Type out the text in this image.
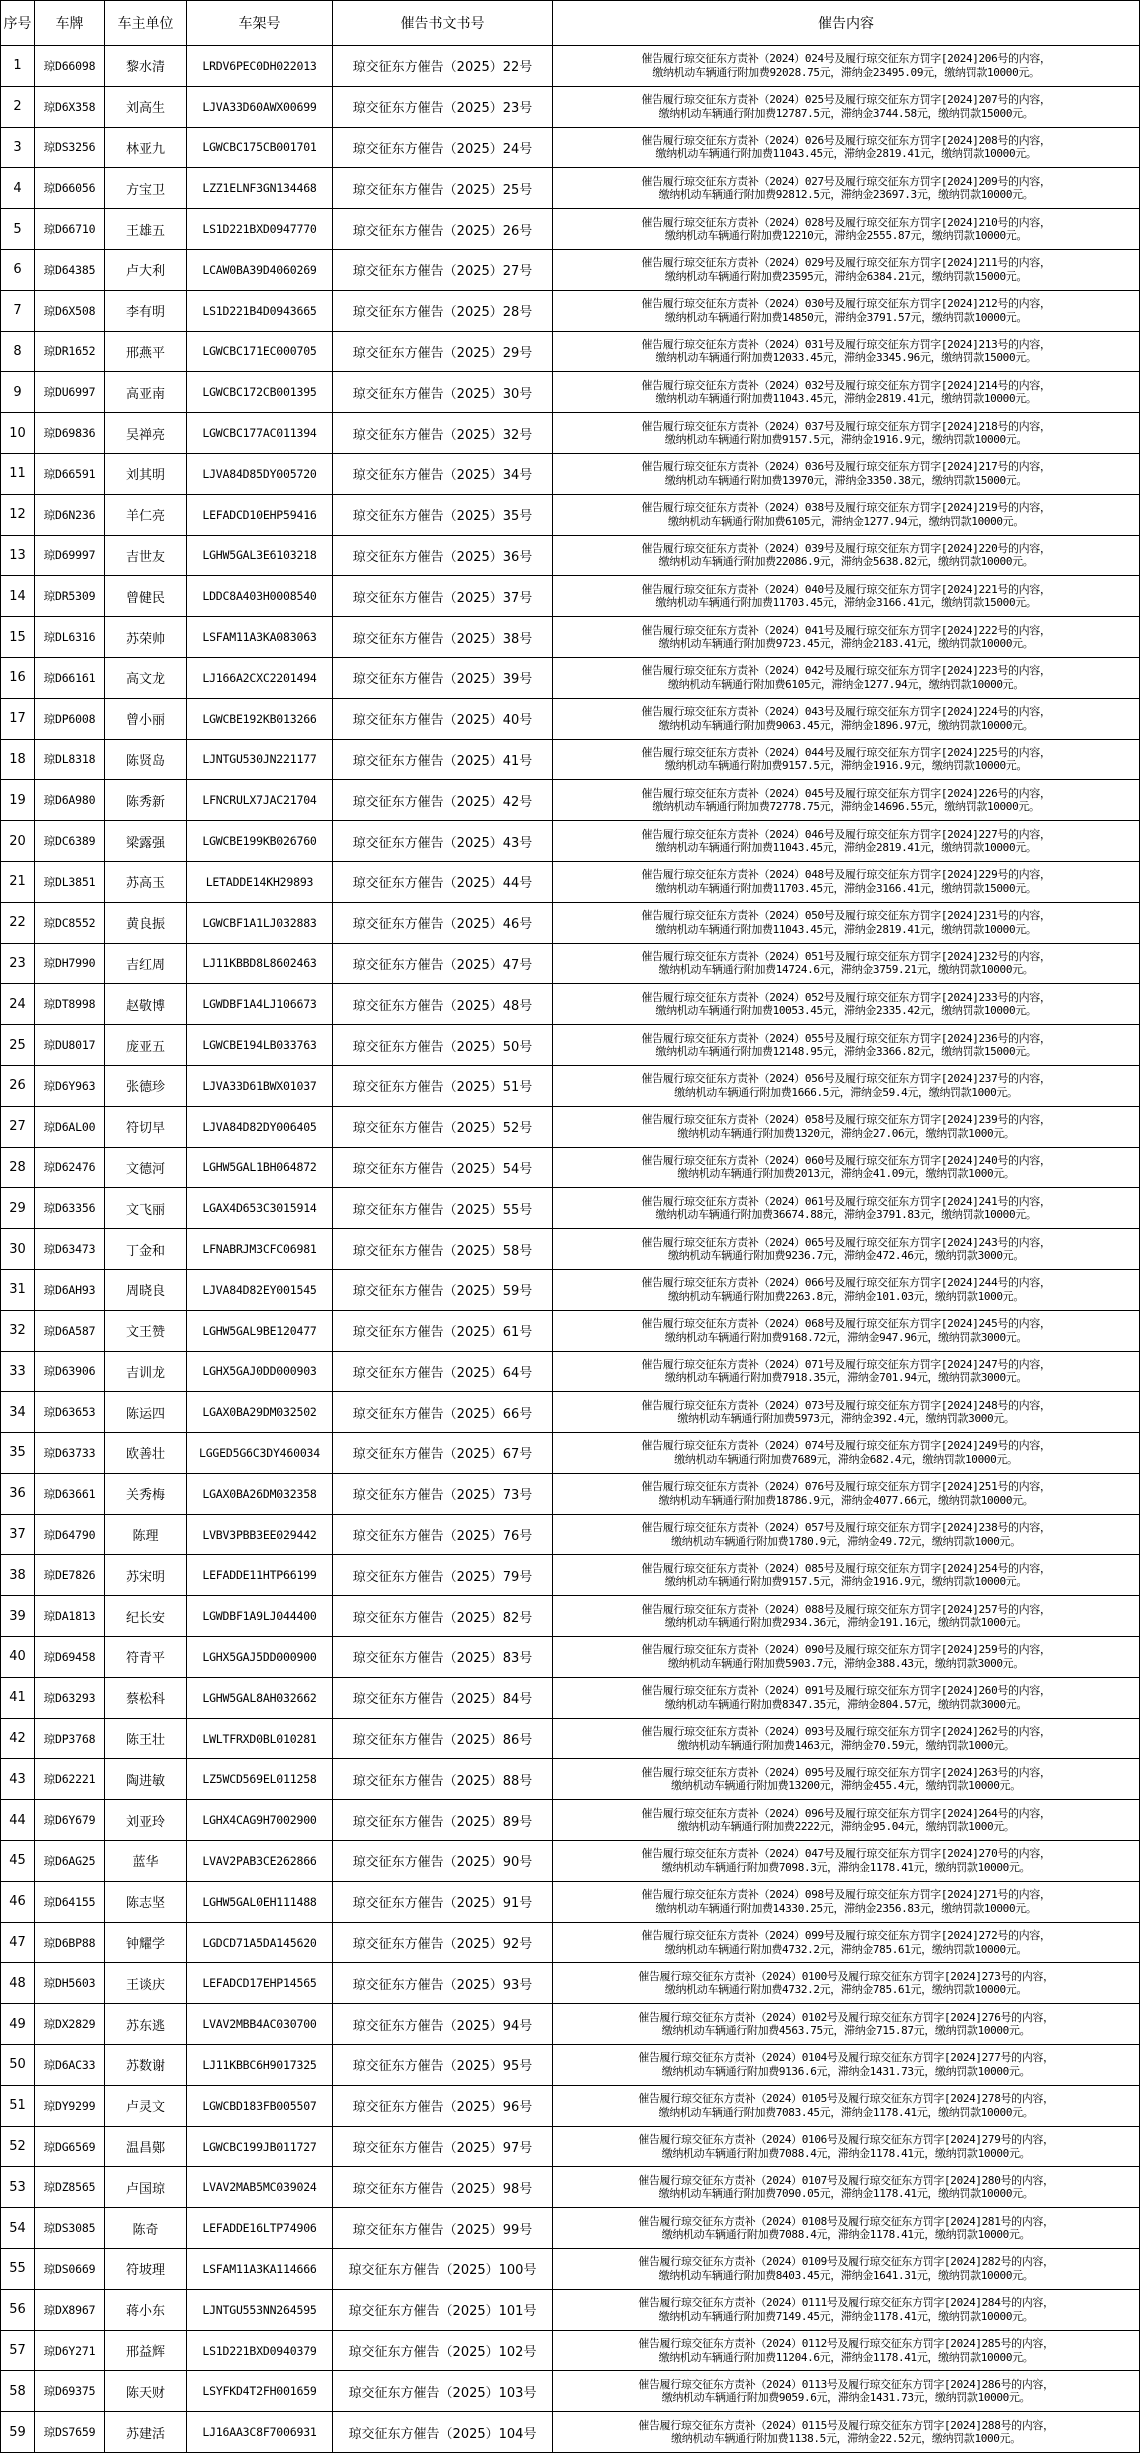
序号	车牌	车主单位	车架号	催告书文书号	催告内容
1	琼D66098	黎水清	LRDV6PEC0DH022013	琼交征东方催告（2025）22号	催告履行琼交征东方责补（2024）024号及履行琼交征东方罚字[2024]206号的内容，
缴纳机动车辆通行附加费92028.75元，滞纳金23495.09元，缴纳罚款10000元。

2	琼D6X358	刘高生	LJVA33D60AWX00699	琼交征东方催告（2025）23号	催告履行琼交征东方责补（2024）025号及履行琼交征东方罚字[2024]207号的内容，
缴纳机动车辆通行附加费12787.5元，滞纳金3744.58元，缴纳罚款15000元。

3	琼DS3256	林亚九	LGWCBC175CB001701	琼交征东方催告（2025）24号	催告履行琼交征东方责补（2024）026号及履行琼交征东方罚字[2024]208号的内容，
缴纳机动车辆通行附加费11043.45元，滞纳金2819.41元，缴纳罚款10000元。

4	琼D66056	方宝卫	LZZ1ELNF3GN134468	琼交征东方催告（2025）25号	催告履行琼交征东方责补（2024）027号及履行琼交征东方罚字[2024]209号的内容，
缴纳机动车辆通行附加费92812.5元，滞纳金23697.3元，缴纳罚款10000元。

5	琼D66710	王雄五	LS1D221BXD0947770	琼交征东方催告（2025）26号	催告履行琼交征东方责补（2024）028号及履行琼交征东方罚字[2024]210号的内容，
缴纳机动车辆通行附加费12210元，滞纳金2555.87元，缴纳罚款10000元。

6	琼D64385	卢大利	LCAW0BA39D4060269	琼交征东方催告（2025）27号	催告履行琼交征东方责补（2024）029号及履行琼交征东方罚字[2024]211号的内容，
缴纳机动车辆通行附加费23595元，滞纳金6384.21元，缴纳罚款15000元。

7	琼D6X508	李有明	LS1D221B4D0943665	琼交征东方催告（2025）28号	催告履行琼交征东方责补（2024）030号及履行琼交征东方罚字[2024]212号的内容，
缴纳机动车辆通行附加费14850元，滞纳金3791.57元，缴纳罚款10000元。

8	琼DR1652	邢燕平	LGWCBC171EC000705	琼交征东方催告（2025）29号	催告履行琼交征东方责补（2024）031号及履行琼交征东方罚字[2024]213号的内容，
缴纳机动车辆通行附加费12033.45元，滞纳金3345.96元，缴纳罚款15000元。

9	琼DU6997	高亚南	LGWCBC172CB001395	琼交征东方催告（2025）30号	催告履行琼交征东方责补（2024）032号及履行琼交征东方罚字[2024]214号的内容，
缴纳机动车辆通行附加费11043.45元，滞纳金2819.41元，缴纳罚款10000元。

10	琼D69836	吴禅亮	LGWCBC177AC011394	琼交征东方催告（2025）32号	催告履行琼交征东方责补（2024）037号及履行琼交征东方罚字[2024]218号的内容，
缴纳机动车辆通行附加费9157.5元，滞纳金1916.9元，缴纳罚款10000元。

11	琼D66591	刘其明	LJVA84D85DY005720	琼交征东方催告（2025）34号	催告履行琼交征东方责补（2024）036号及履行琼交征东方罚字[2024]217号的内容，
缴纳机动车辆通行附加费13970元，滞纳金3350.38元，缴纳罚款15000元。

12	琼D6N236	羊仁亮	LEFADCD10EHP59416	琼交征东方催告（2025）35号	催告履行琼交征东方责补（2024）038号及履行琼交征东方罚字[2024]219号的内容，
缴纳机动车辆通行附加费6105元，滞纳金1277.94元，缴纳罚款10000元。

13	琼D69997	吉世友	LGHW5GAL3E6103218	琼交征东方催告（2025）36号	催告履行琼交征东方责补（2024）039号及履行琼交征东方罚字[2024]220号的内容，
缴纳机动车辆通行附加费22086.9元，滞纳金5638.82元，缴纳罚款10000元。

14	琼DR5309	曾健民	LDDC8A403H0008540	琼交征东方催告（2025）37号	催告履行琼交征东方责补（2024）040号及履行琼交征东方罚字[2024]221号的内容，
缴纳机动车辆通行附加费11703.45元，滞纳金3166.41元，缴纳罚款15000元。

15	琼DL6316	苏荣帅	LSFAM11A3KA083063	琼交征东方催告（2025）38号	催告履行琼交征东方责补（2024）041号及履行琼交征东方罚字[2024]222号的内容，
缴纳机动车辆通行附加费9723.45元，滞纳金2183.41元，缴纳罚款10000元。

16	琼D66161	高文龙	LJ166A2CXC2201494	琼交征东方催告（2025）39号	催告履行琼交征东方责补（2024）042号及履行琼交征东方罚字[2024]223号的内容，
缴纳机动车辆通行附加费6105元，滞纳金1277.94元，缴纳罚款10000元。

17	琼DP6008	曾小丽	LGWCBE192KB013266	琼交征东方催告（2025）40号	催告履行琼交征东方责补（2024）043号及履行琼交征东方罚字[2024]224号的内容，
缴纳机动车辆通行附加费9063.45元，滞纳金1896.97元，缴纳罚款10000元。

18	琼DL8318	陈贤岛	LJNTGU530JN221177	琼交征东方催告（2025）41号	催告履行琼交征东方责补（2024）044号及履行琼交征东方罚字[2024]225号的内容，
缴纳机动车辆通行附加费9157.5元，滞纳金1916.9元，缴纳罚款10000元。

19	琼D6A980	陈秀新	LFNCRULX7JAC21704	琼交征东方催告（2025）42号	催告履行琼交征东方责补（2024）045号及履行琼交征东方罚字[2024]226号的内容，
缴纳机动车辆通行附加费72778.75元，滞纳金14696.55元，缴纳罚款10000元。

20	琼DC6389	梁露强	LGWCBE199KB026760	琼交征东方催告（2025）43号	催告履行琼交征东方责补（2024）046号及履行琼交征东方罚字[2024]227号的内容，
缴纳机动车辆通行附加费11043.45元，滞纳金2819.41元，缴纳罚款10000元。

21	琼DL3851	苏高玉	LETADDE14KH29893	琼交征东方催告（2025）44号	催告履行琼交征东方责补（2024）048号及履行琼交征东方罚字[2024]229号的内容，
缴纳机动车辆通行附加费11703.45元，滞纳金3166.41元，缴纳罚款15000元。

22	琼DC8552	黄良振	LGWCBF1A1LJ032883	琼交征东方催告（2025）46号	催告履行琼交征东方责补（2024）050号及履行琼交征东方罚字[2024]231号的内容，
缴纳机动车辆通行附加费11043.45元，滞纳金2819.41元，缴纳罚款10000元。

23	琼DH7990	吉红周	LJ11KBBD8L8602463	琼交征东方催告（2025）47号	催告履行琼交征东方责补（2024）051号及履行琼交征东方罚字[2024]232号的内容，
缴纳机动车辆通行附加费14724.6元，滞纳金3759.21元，缴纳罚款10000元。

24	琼DT8998	赵敬博	LGWDBF1A4LJ106673	琼交征东方催告（2025）48号	催告履行琼交征东方责补（2024）052号及履行琼交征东方罚字[2024]233号的内容，
缴纳机动车辆通行附加费10053.45元，滞纳金2335.42元，缴纳罚款10000元。

25	琼DU8017	庞亚五	LGWCBE194LB033763	琼交征东方催告（2025）50号	催告履行琼交征东方责补（2024）055号及履行琼交征东方罚字[2024]236号的内容，
缴纳机动车辆通行附加费12148.95元，滞纳金3366.82元，缴纳罚款15000元。

26	琼D6Y963	张德珍	LJVA33D61BWX01037	琼交征东方催告（2025）51号	催告履行琼交征东方责补（2024）056号及履行琼交征东方罚字[2024]237号的内容，
缴纳机动车辆通行附加费1666.5元，滞纳金59.4元，缴纳罚款1000元。

27	琼D6AL00	符切早	LJVA84D82DY006405	琼交征东方催告（2025）52号	催告履行琼交征东方责补（2024）058号及履行琼交征东方罚字[2024]239号的内容，
缴纳机动车辆通行附加费1320元，滞纳金27.06元，缴纳罚款1000元。

28	琼D62476	文德河	LGHW5GAL1BH064872	琼交征东方催告（2025）54号	催告履行琼交征东方责补（2024）060号及履行琼交征东方罚字[2024]240号的内容，
缴纳机动车辆通行附加费2013元，滞纳金41.09元，缴纳罚款1000元。

29	琼D63356	文飞丽	LGAX4D653C3015914	琼交征东方催告（2025）55号	催告履行琼交征东方责补（2024）061号及履行琼交征东方罚字[2024]241号的内容，
缴纳机动车辆通行附加费36674.88元，滞纳金3791.83元，缴纳罚款10000元。

30	琼D63473	丁金和	LFNABRJM3CFC06981	琼交征东方催告（2025）58号	催告履行琼交征东方责补（2024）065号及履行琼交征东方罚字[2024]243号的内容，
缴纳机动车辆通行附加费9236.7元，滞纳金472.46元，缴纳罚款3000元。

31	琼D6AH93	周晓良	LJVA84D82EY001545	琼交征东方催告（2025）59号	催告履行琼交征东方责补（2024）066号及履行琼交征东方罚字[2024]244号的内容，
缴纳机动车辆通行附加费2263.8元，滞纳金101.03元，缴纳罚款1000元。

32	琼D6A587	文王赞	LGHW5GAL9BE120477	琼交征东方催告（2025）61号	催告履行琼交征东方责补（2024）068号及履行琼交征东方罚字[2024]245号的内容，
缴纳机动车辆通行附加费9168.72元，滞纳金947.96元，缴纳罚款3000元。

33	琼D63906	吉训龙	LGHX5GAJ0DD000903	琼交征东方催告（2025）64号	催告履行琼交征东方责补（2024）071号及履行琼交征东方罚字[2024]247号的内容，
缴纳机动车辆通行附加费7918.35元，滞纳金701.94元，缴纳罚款3000元。

34	琼D63653	陈运四	LGAX0BA29DM032502	琼交征东方催告（2025）66号	催告履行琼交征东方责补（2024）073号及履行琼交征东方罚字[2024]248号的内容，
缴纳机动车辆通行附加费5973元，滞纳金392.4元，缴纳罚款3000元。

35	琼D63733	欧善壮	LGGED5G6C3DY460034	琼交征东方催告（2025）67号	催告履行琼交征东方责补（2024）074号及履行琼交征东方罚字[2024]249号的内容，
缴纳机动车辆通行附加费7689元，滞纳金682.4元，缴纳罚款10000元。

36	琼D63661	关秀梅	LGAX0BA26DM032358	琼交征东方催告（2025）73号	催告履行琼交征东方责补（2024）076号及履行琼交征东方罚字[2024]251号的内容，
缴纳机动车辆通行附加费18786.9元，滞纳金4077.66元，缴纳罚款10000元。

37	琼D64790	陈理	LVBV3PBB3EE029442	琼交征东方催告（2025）76号	催告履行琼交征东方责补（2024）057号及履行琼交征东方罚字[2024]238号的内容，
缴纳机动车辆通行附加费1780.9元，滞纳金49.72元，缴纳罚款1000元。

38	琼DE7826	苏宋明	LEFADDE11HTP66199	琼交征东方催告（2025）79号	催告履行琼交征东方责补（2024）085号及履行琼交征东方罚字[2024]254号的内容，
缴纳机动车辆通行附加费9157.5元，滞纳金1916.9元，缴纳罚款10000元。

39	琼DA1813	纪长安	LGWDBF1A9LJ044400	琼交征东方催告（2025）82号	催告履行琼交征东方责补（2024）088号及履行琼交征东方罚字[2024]257号的内容，
缴纳机动车辆通行附加费2934.36元，滞纳金191.16元，缴纳罚款1000元。

40	琼D69458	符青平	LGHX5GAJ5DD000900	琼交征东方催告（2025）83号	催告履行琼交征东方责补（2024）090号及履行琼交征东方罚字[2024]259号的内容，
缴纳机动车辆通行附加费5903.7元，滞纳金388.43元，缴纳罚款3000元。

41	琼D63293	蔡松科	LGHW5GAL8AH032662	琼交征东方催告（2025）84号	催告履行琼交征东方责补（2024）091号及履行琼交征东方罚字[2024]260号的内容，
缴纳机动车辆通行附加费8347.35元，滞纳金804.57元，缴纳罚款3000元。

42	琼DP3768	陈王壮	LWLTFRXD0BL010281	琼交征东方催告（2025）86号	催告履行琼交征东方责补（2024）093号及履行琼交征东方罚字[2024]262号的内容，
缴纳机动车辆通行附加费1463元，滞纳金70.59元，缴纳罚款1000元。

43	琼D62221	陶进敏	LZ5WCD569EL011258	琼交征东方催告（2025）88号	催告履行琼交征东方责补（2024）095号及履行琼交征东方罚字[2024]263号的内容，
缴纳机动车辆通行附加费13200元，滞纳金455.4元，缴纳罚款10000元。

44	琼D6Y679	刘亚玲	LGHX4CAG9H7002900	琼交征东方催告（2025）89号	催告履行琼交征东方责补（2024）096号及履行琼交征东方罚字[2024]264号的内容，
缴纳机动车辆通行附加费2222元，滞纳金95.04元，缴纳罚款1000元。

45	琼D6AG25	蓝华	LVAV2PAB3CE262866	琼交征东方催告（2025）90号	催告履行琼交征东方责补（2024）047号及履行琼交征东方罚字[2024]270号的内容，
缴纳机动车辆通行附加费7098.3元，滞纳金1178.41元，缴纳罚款10000元。

46	琼D64155	陈志坚	LGHW5GAL0EH111488	琼交征东方催告（2025）91号	催告履行琼交征东方责补（2024）098号及履行琼交征东方罚字[2024]271号的内容，
缴纳机动车辆通行附加费14330.25元，滞纳金2356.83元，缴纳罚款10000元。

47	琼D6BP88	钟耀学	LGDCD71A5DA145620	琼交征东方催告（2025）92号	催告履行琼交征东方责补（2024）099号及履行琼交征东方罚字[2024]272号的内容，
缴纳机动车辆通行附加费4732.2元，滞纳金785.61元，缴纳罚款10000元。

48	琼DH5603	王谈庆	LEFADCD17EHP14565	琼交征东方催告（2025）93号	催告履行琼交征东方责补（2024）0100号及履行琼交征东方罚字[2024]273号的内容，
缴纳机动车辆通行附加费4732.2元，滞纳金785.61元，缴纳罚款10000元。

49	琼DX2829	苏东逃	LVAV2MBB4AC030700	琼交征东方催告（2025）94号	催告履行琼交征东方责补（2024）0102号及履行琼交征东方罚字[2024]276号的内容，
缴纳机动车辆通行附加费4563.75元，滞纳金715.87元，缴纳罚款10000元。

50	琼D6AC33	苏数谢	LJ11KBBC6H9017325	琼交征东方催告（2025）95号	催告履行琼交征东方责补（2024）0104号及履行琼交征东方罚字[2024]277号的内容，
缴纳机动车辆通行附加费9136.6元，滞纳金1431.73元，缴纳罚款10000元。

51	琼DY9299	卢灵文	LGWCBD183FB005507	琼交征东方催告（2025）96号	催告履行琼交征东方责补（2024）0105号及履行琼交征东方罚字[2024]278号的内容，
缴纳机动车辆通行附加费7083.45元，滞纳金1178.41元，缴纳罚款10000元。

52	琼DG6569	温昌鄚	LGWCBC199JB011727	琼交征东方催告（2025）97号	催告履行琼交征东方责补（2024）0106号及履行琼交征东方罚字[2024]279号的内容，
缴纳机动车辆通行附加费7088.4元，滞纳金1178.41元，缴纳罚款10000元。

53	琼DZ8565	卢国琼	LVAV2MAB5MC039024	琼交征东方催告（2025）98号	催告履行琼交征东方责补（2024）0107号及履行琼交征东方罚字[2024]280号的内容，
缴纳机动车辆通行附加费7090.05元，滞纳金1178.41元，缴纳罚款10000元。

54	琼DS3085	陈奇	LEFADDE16LTP74906	琼交征东方催告（2025）99号	催告履行琼交征东方责补（2024）0108号及履行琼交征东方罚字[2024]281号的内容，
缴纳机动车辆通行附加费7088.4元，滞纳金1178.41元，缴纳罚款10000元。

55	琼DS0669	符坡理	LSFAM11A3KA114666	琼交征东方催告（2025）100号	催告履行琼交征东方责补（2024）0109号及履行琼交征东方罚字[2024]282号的内容，
缴纳机动车辆通行附加费8403.45元，滞纳金1641.31元，缴纳罚款10000元。

56	琼DX8967	蒋小东	LJNTGU553NN264595	琼交征东方催告（2025）101号	催告履行琼交征东方责补（2024）0111号及履行琼交征东方罚字[2024]284号的内容，
缴纳机动车辆通行附加费7149.45元，滞纳金1178.41元，缴纳罚款10000元。

57	琼D6Y271	邢益辉	LS1D221BXD0940379	琼交征东方催告（2025）102号	催告履行琼交征东方责补（2024）0112号及履行琼交征东方罚字[2024]285号的内容，
缴纳机动车辆通行附加费11204.6元，滞纳金1178.41元，缴纳罚款10000元。

58	琼D69375	陈天财	LSYFKD4T2FH001659	琼交征东方催告（2025）103号	催告履行琼交征东方责补（2024）0113号及履行琼交征东方罚字[2024]286号的内容，
缴纳机动车辆通行附加费9059.6元，滞纳金1431.73元，缴纳罚款10000元。

59	琼DS7659	苏建活	LJ16AA3C8F7006931	琼交征东方催告（2025）104号	催告履行琼交征东方责补（2024）0115号及履行琼交征东方罚字[2024]288号的内容，
缴纳机动车辆通行附加费1138.5元，滞纳金22.52元，缴纳罚款1000元。
